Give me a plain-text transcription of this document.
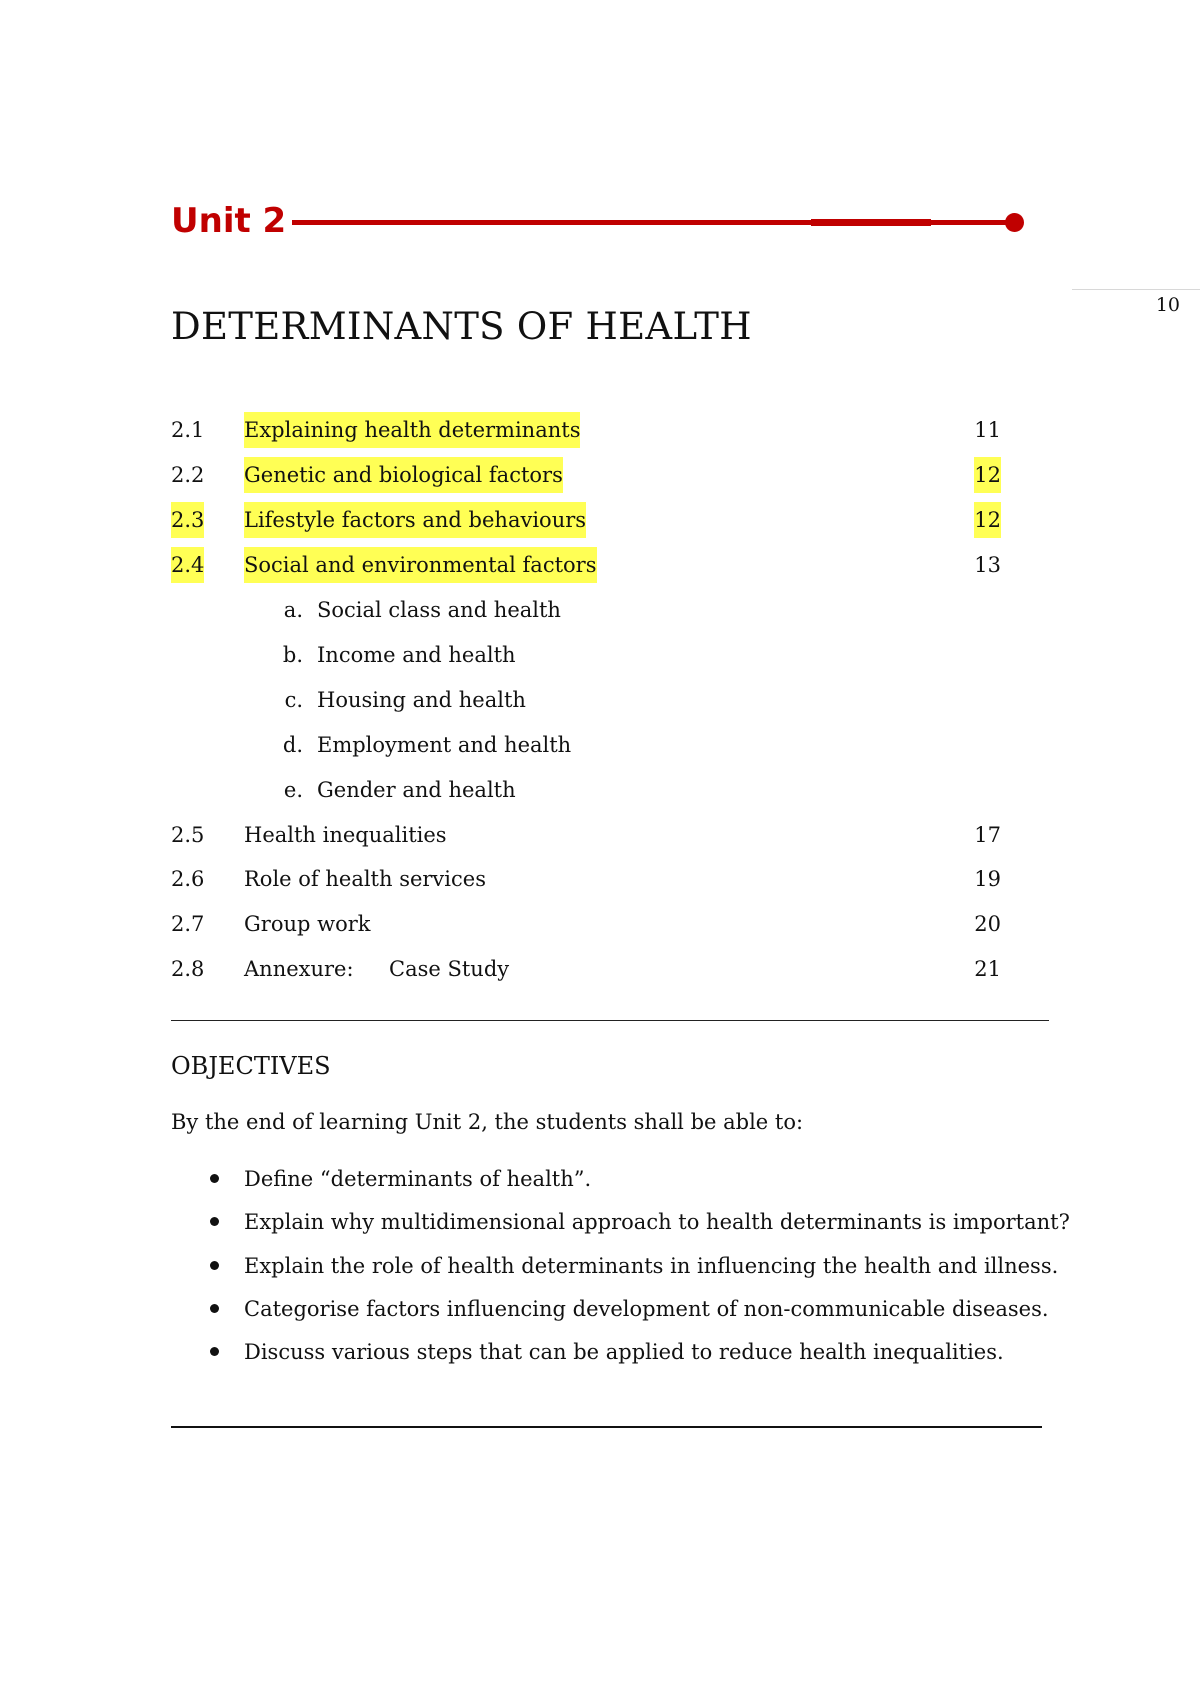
Unit 2
10
DETERMINANTS OF HEALTH
2.1 Explaining health determinants	11
2.2 Genetic and biological factors	12
2.3 Lifestyle factors and behaviours	12
2.4 Social and environmental factors	13
a. Social class and health
b. Income and health
c. Housing and health
d. Employment and health
e. Gender and health
2.5 Health inequalities	17
2.6 Role of health services	19
2.7 Group work	20
2.8 Annexure: Case Study	21
OBJECTIVES
By the end of learning Unit 2, the students shall be able to:
Define “determinants of health”.
Explain why multidimensional approach to health determinants is important?
Explain the role of health determinants in influencing the health and illness.
Categorise factors influencing development of non-communicable diseases.
Discuss various steps that can be applied to reduce health inequalities.
